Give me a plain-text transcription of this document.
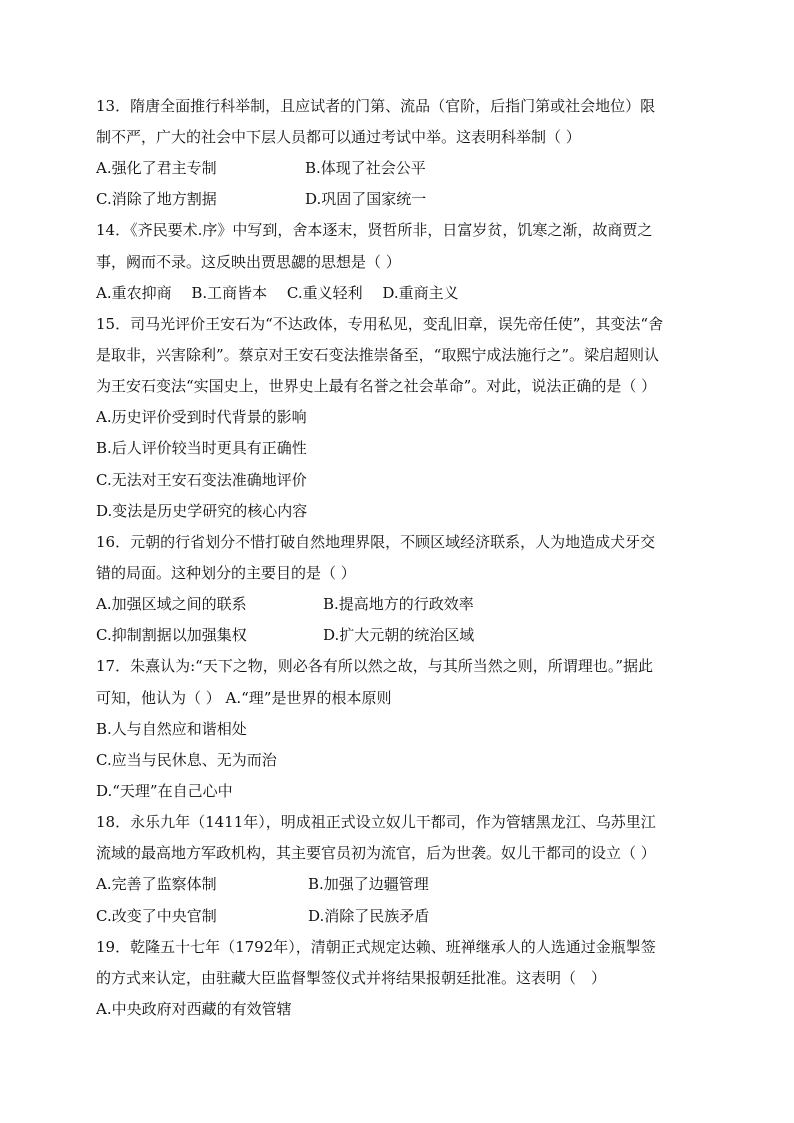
13．隋唐全面推行科举制，且应试者的门第、流品（官阶，后指门第或社会地位）限
制不严，广大的社会中下层人员都可以通过考试中举。这表明科举制（ ）
A.强化了君主专制	B.体现了社会公平
C.消除了地方割据	D.巩固了国家统一
14．《齐民要术.序》中写到，舍本逐末，贤哲所非，日富岁贫，饥寒之渐，故商贾之
事，阙而不录。这反映出贾思勰的思想是（ ）
A.重农抑商　 B.工商皆本　 C.重义轻利　 D.重商主义
15．司马光评价王安石为“不达政体，专用私见，变乱旧章，误先帝任使”，其变法“舍
是取非，兴害除利”。蔡京对王安石变法推崇备至，“取熙宁成法施行之”。梁启超则认
为王安石变法“实国史上，世界史上最有名誉之社会革命”。对此，说法正确的是（ ）
A.历史评价受到时代背景的影响
B.后人评价较当时更具有正确性
C.无法对王安石变法准确地评价
D.变法是历史学研究的核心内容
16．元朝的行省划分不惜打破自然地理界限，不顾区域经济联系，人为地造成犬牙交
错的局面。这种划分的主要目的是（ ）
A.加强区域之间的联系	B.提高地方的行政效率
C.抑制割据以加强集权	D.扩大元朝的统治区域
17．朱熹认为:“天下之物，则必各有所以然之故，与其所当然之则，所谓理也。”据此
可知，他认为（ ） A.“理”是世界的根本原则
B.人与自然应和谐相处
C.应当与民休息、无为而治
D.“天理”在自己心中
18．永乐九年（1411年），明成祖正式设立奴儿干都司，作为管辖黑龙江、乌苏里江
流域的最高地方军政机构，其主要官员初为流官，后为世袭。奴儿干都司的设立（ ）
A.完善了监察体制	B.加强了边疆管理
C.改变了中央官制	D.消除了民族矛盾
19．乾隆五十七年（1792年），清朝正式规定达赖、班禅继承人的人选通过金瓶掣签
的方式来认定，由驻藏大臣监督掣签仪式并将结果报朝廷批准。这表明（　）
A.中央政府对西藏的有效管辖
